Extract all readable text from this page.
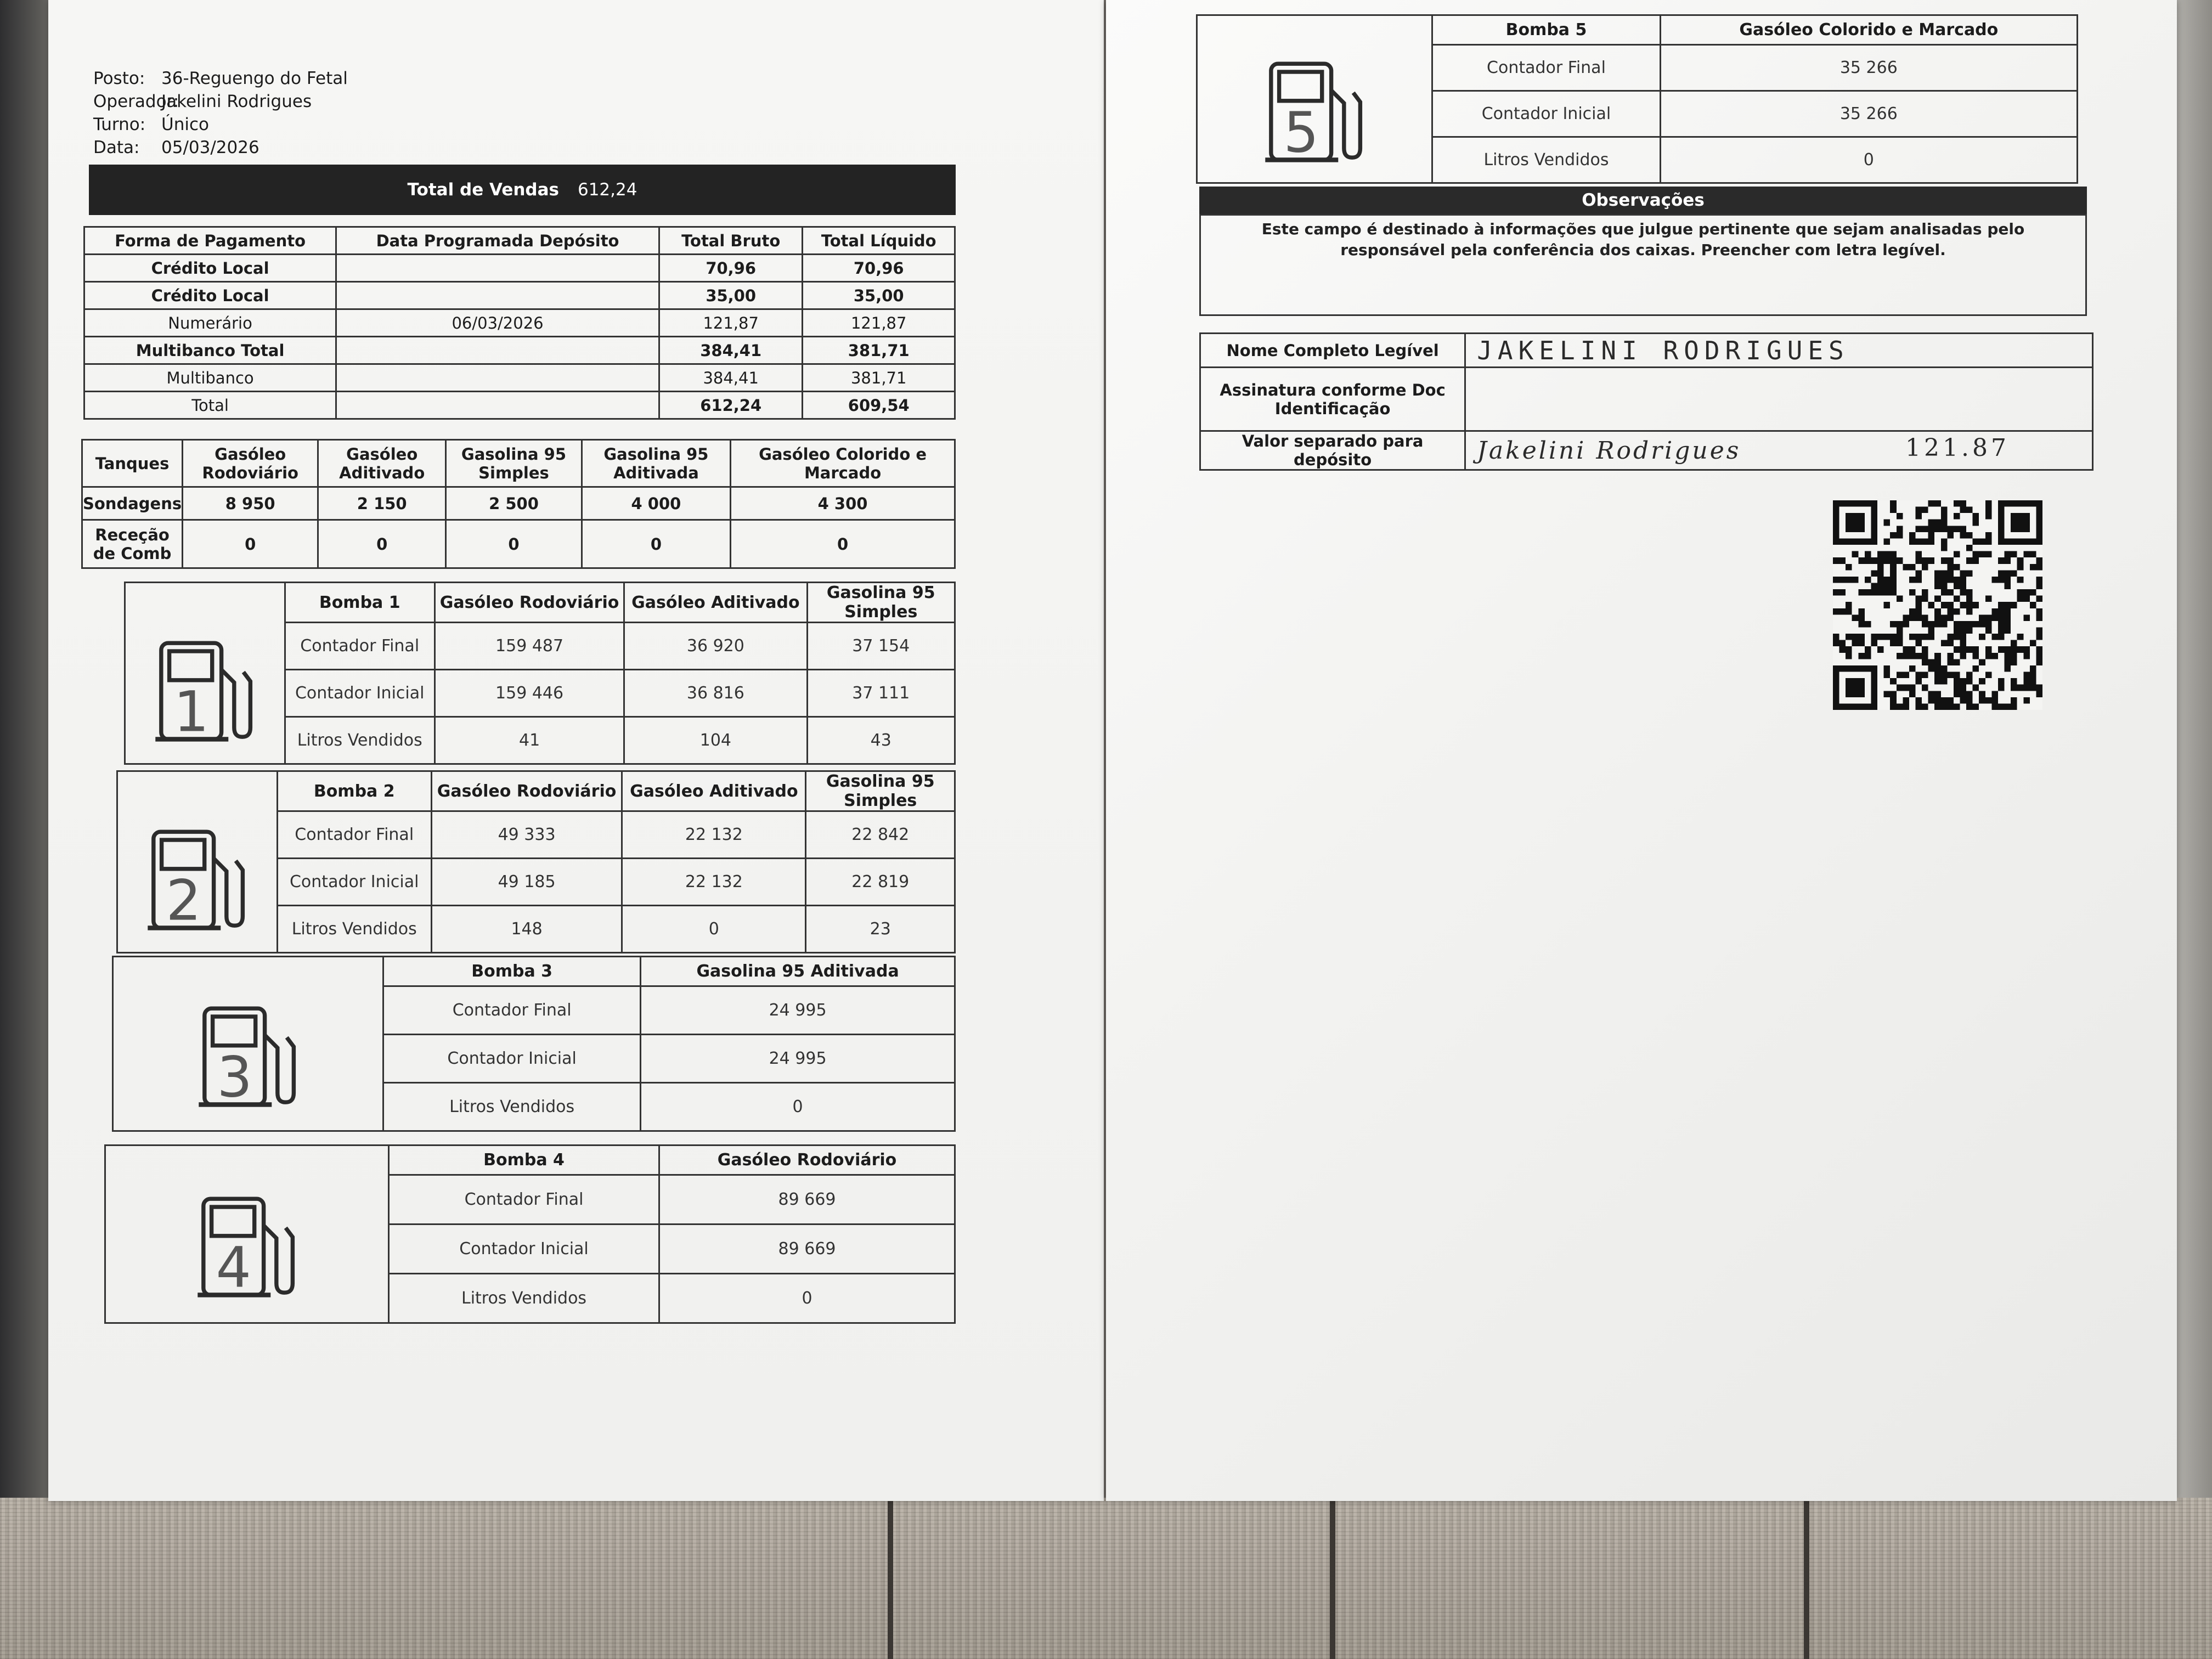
Posto: 36-Reguengo do Fetal
Operador:
Jakelini Rodrigues
Turno: Único
Data:	05/03/2026
Total de Vendas 612,24
Forma de Pagamento	Data Programada Depósito	Total Bruto	Total Líquido
Crédito Local		70,96	70,96
Crédito Local		35,00	35,00
Numerário	06/03/2026	121,87	121,87
Multibanco Total		384,41	381,71
Multibanco		384,41	381,71
Total		612,24	609,54
Tanques	Gasóleo Rodoviário	Gasóleo Aditivado	Gasolina 95 Simples	Gasolina 95 Aditivada	Gasóleo Colorido e Marcado
Sondagens	8 950	2 150	2 500	4 000	4 300
Receção de Comb	0	0	0	0	0
	Bomba 1	Gasóleo Rodoviário	Gasóleo Aditivado	Gasolina 95 Simples

1	Contador Final	159 487	36 920	37 154
	Contador Inicial	159 446	36 816	37 111
	Litros Vendidos	41	104	43
	Bomba 2	Gasóleo Rodoviário	Gasóleo Aditivado	Gasolina 95 Simples

2	Contador Final	49 333	22 132	22 842
	Contador Inicial	49 185	22 132	22 819
	Litros Vendidos	148	0	23
	Bomba 3	Gasolina 95 Aditivada

3	Contador Final	24 995
	Contador Inicial	24 995
	Litros Vendidos	0
	Bomba 4	Gasóleo Rodoviário

4	Contador Final	89 669
	Contador Inicial	89 669
	Litros Vendidos	0
	Bomba 5	Gasóleo Colorido e Marcado

5	Contador Final	35 266
	Contador Inicial	35 266
	Litros Vendidos	0
Observações
Este campo é destinado à informações que julgue pertinente que sejam analisadas pelo responsável pela conferência dos caixas. Preencher com letra legível.
Nome Completo Legível	JAKELINI RODRIGUES
Assinatura conforme Doc Identificação	
Valor separado para depósito	Jakelini Rodrigues 121.87
